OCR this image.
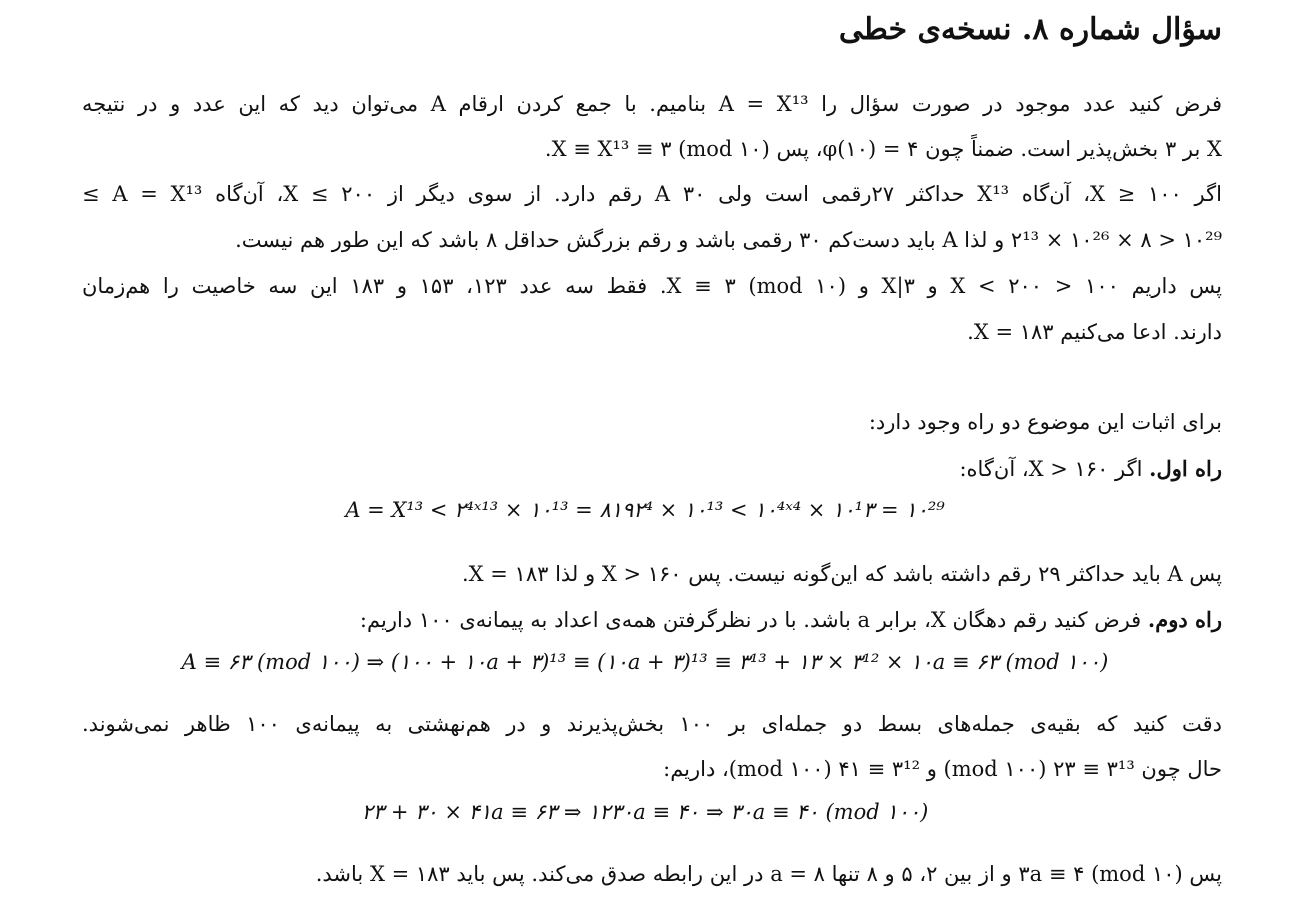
سؤال شماره ۸. نسخه‌ی خطی
فرض کنید عدد موجود در صورت سؤال را A = X¹³ بنامیم. با جمع کردن ارقام A می‌توان دید که این عدد و در نتیجه
X بر ۳ بخش‌پذیر است. ضمناً چون ۴ = φ(۱۰)، پس X ≡ X¹³ ≡ ۳ (mod ۱۰).
اگر X ≥ ۱۰۰، آن‌گاه X¹³ حداکثر ۲۷رقمی است ولی A ۳۰ رقم دارد. از سوی دیگر از X ≤ ۲۰۰، آن‌گاه A = X¹³ ≥
۱۰²⁹ < ۸ × ۱۰²⁶ × ۲¹³ و لذا A باید دست‌کم ۳۰ رقمی باشد و رقم بزرگش حداقل ۸ باشد که این طور هم نیست.
پس داریم ۱۰۰ < X < ۲۰۰ و ۳|X و X ≡ ۳ (mod ۱۰). فقط سه عدد ۱۲۳، ۱۵۳ و ۱۸۳ این سه خاصیت را هم‌زمان
دارند. ادعا می‌کنیم X = ۱۸۳.
برای اثبات این موضوع دو راه وجود دارد:
راه اول. اگر X > ۱۶۰، آن‌گاه:
A = X¹³ < ۲⁴ˣ¹³ × ۱۰¹³ = ۸۱۹۲⁴ × ۱۰¹³ < ۱۰⁴ˣ⁴ × ۱۰¹۳ = ۱۰²⁹
پس A باید حداکثر ۲۹ رقم داشته باشد که این‌گونه نیست. پس X > ۱۶۰ و لذا X = ۱۸۳.
راه دوم. فرض کنید رقم دهگان X، برابر a باشد. با در نظرگرفتن همه‌ی اعداد به پیمانه‌ی ۱۰۰ داریم:
A ≡ ۶۳ (mod ۱۰۰) ⇒ (۱۰۰ + ۱۰a + ۳)¹³ ≡ (۱۰a + ۳)¹³ ≡ ۳¹³ + ۱۳ × ۳¹² × ۱۰a ≡ ۶۳ (mod ۱۰۰)
دقت کنید که بقیه‌ی جمله‌های بسط دو جمله‌ای بر ۱۰۰ بخش‌پذیرند و در هم‌نهشتی به پیمانه‌ی ۱۰۰ ظاهر نمی‌شوند.
حال چون ۳¹³ ≡ ۲۳ (mod ۱۰۰) و ۳¹² ≡ ۴۱ (mod ۱۰۰)، داریم:
۲۳ + ۳۰ × ۴۱a ≡ ۶۳ ⇒ ۱۲۳۰a ≡ ۴۰ ⇒ ۳۰a ≡ ۴۰ (mod ۱۰۰)
پس ۳a ≡ ۴ (mod ۱۰) و از بین ۲، ۵ و ۸ تنها a = ۸ در این رابطه صدق می‌کند. پس باید X = ۱۸۳ باشد.
